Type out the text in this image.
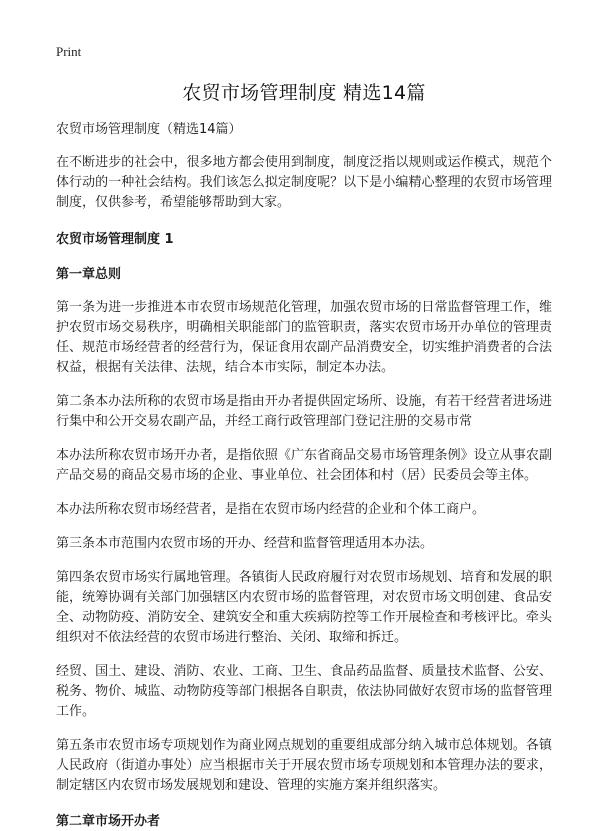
Print
农贸市场管理制度 精选14篇
农贸市场管理制度（精选14篇）

在不断进步的社会中，很多地方都会使用到制度，制度泛指以规则或运作模式，规范个体行动的一种社会结构。我们该怎么拟定制度呢？以下是小编精心整理的农贸市场管理制度，仅供参考，希望能够帮助到大家。

农贸市场管理制度 1
第一章总则

第一条为进一步推进本市农贸市场规范化管理，加强农贸市场的日常监督管理工作，维护农贸市场交易秩序，明确相关职能部门的监管职责，落实农贸市场开办单位的管理责任、规范市场经营者的经营行为，保证食用农副产品消费安全，切实维护消费者的合法权益，根据有关法律、法规，结合本市实际，制定本办法。

第二条本办法所称的农贸市场是指由开办者提供固定场所、设施，有若干经营者进场进行集中和公开交易农副产品，并经工商行政管理部门登记注册的交易市常

本办法所称农贸市场开办者，是指依照《广东省商品交易市场管理条例》设立从事农副产品交易的商品交易市场的企业、事业单位、社会团体和村（居）民委员会等主体。

本办法所称农贸市场经营者，是指在农贸市场内经营的企业和个体工商户。

第三条本市范围内农贸市场的开办、经营和监督管理适用本办法。

第四条农贸市场实行属地管理。各镇街人民政府履行对农贸市场规划、培育和发展的职能，统筹协调有关部门加强辖区内农贸市场的监督管理，对农贸市场文明创建、食品安全、动物防疫、消防安全、建筑安全和重大疾病防控等工作开展检查和考核评比。牵头组织对不依法经营的农贸市场进行整治、关闭、取缔和拆迁。

经贸、国土、建设、消防、农业、工商、卫生、食品药品监督、质量技术监督、公安、税务、物价、城监、动物防疫等部门根据各自职责，依法协同做好农贸市场的监督管理工作。

第五条市农贸市场专项规划作为商业网点规划的重要组成部分纳入城市总体规划。各镇人民政府（街道办事处）应当根据市关于开展农贸市场专项规划和本管理办法的要求，制定辖区内农贸市场发展规划和建设、管理的实施方案并组织落实。

第二章市场开办者
